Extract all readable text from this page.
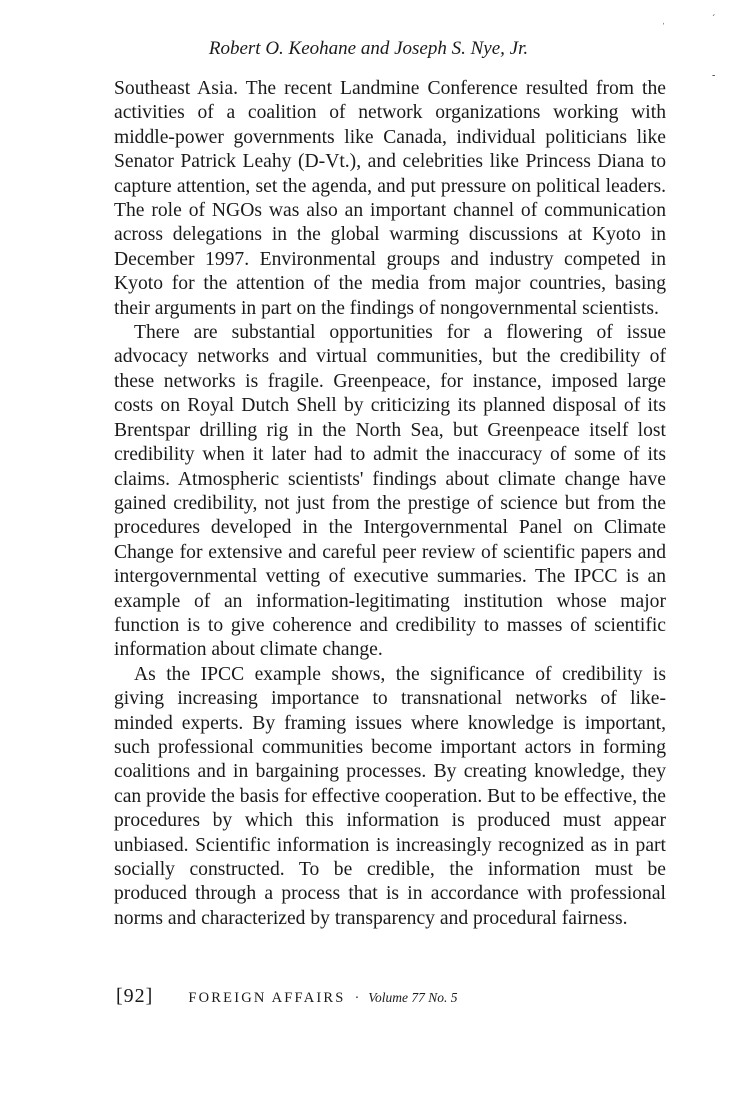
Robert O. Keohane and Joseph S. Nye, Jr.

Southeast Asia. The recent Landmine Conference resulted from the activities of a coalition of network organizations working with middle-power governments like Canada, individual politicians like Senator Patrick Leahy (D-Vt.), and celebrities like Princess Diana to capture attention, set the agenda, and put pressure on political leaders. The role of NGOs was also an important channel of communication across delegations in the global warming discussions at Kyoto in December 1997. Environmental groups and industry competed in Kyoto for the attention of the media from major countries, basing their arguments in part on the findings of nongovernmental scientists.

There are substantial opportunities for a flowering of issue advocacy networks and virtual communities, but the credibility of these networks is fragile. Greenpeace, for instance, imposed large costs on Royal Dutch Shell by criticizing its planned disposal of its Brentspar drilling rig in the North Sea, but Greenpeace itself lost credibility when it later had to admit the inaccuracy of some of its claims. Atmospheric scientists' findings about climate change have gained credibility, not just from the prestige of science but from the procedures developed in the Intergovernmental Panel on Climate Change for extensive and careful peer review of scientific papers and intergovernmental vetting of executive summaries. The IPCC is an example of an information-legitimating institution whose major function is to give coherence and credibility to masses of scientific information about climate change.

As the IPCC example shows, the significance of credibility is giving increasing importance to transnational networks of like-minded experts. By framing issues where knowledge is important, such professional communities become important actors in forming coalitions and in bargaining processes. By creating knowledge, they can provide the basis for effective cooperation. But to be effective, the procedures by which this information is produced must appear unbiased. Scientific information is increasingly recognized as in part socially constructed. To be credible, the information must be produced through a process that is in accordance with professional norms and characterized by transparency and procedural fairness.

[92] FOREIGN AFFAIRS · Volume 77 No. 5
ˌ	ˊ
-
